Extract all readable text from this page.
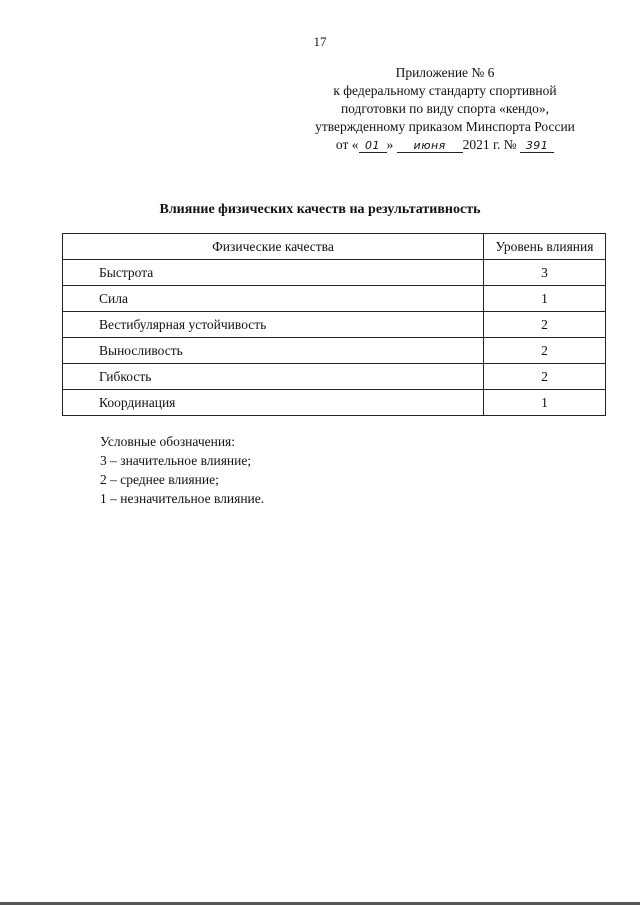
17
Приложение № 6
к федеральному стандарту спортивной
подготовки по виду спорта «кендо»,
утвержденному приказом Минспорта России
от « 01 » июня 2021 г. № 391
Влияние физических качеств на результативность
Физические качества	Уровень влияния
Быстрота	3
Сила	1
Вестибулярная устойчивость	2
Выносливость	2
Гибкость	2
Координация	1
Условные обозначения:
3 – значительное влияние;
2 – среднее влияние;
1 – незначительное влияние.
